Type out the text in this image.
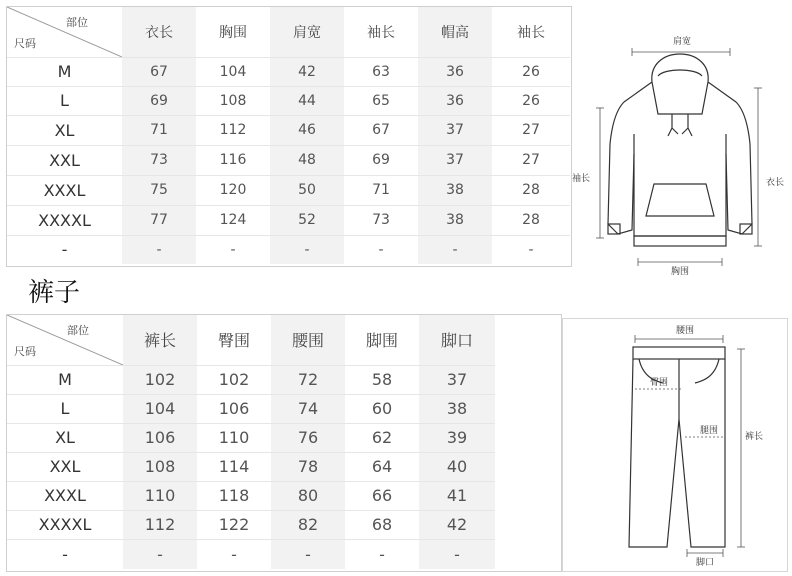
部位
尺码	衣长	胸围	肩宽	袖长	帽高	袖长
M	67	104	42	63	36	26
L	69	108	44	65	36	26
XL	71	112	46	67	37	27
XXL	73	116	48	69	37	27
XXXL	75	120	50	71	38	28
XXXXL	77	124	52	73	38	28
-	-	-	-	-	-	-
肩宽
袖长	衣长
胸围
裤子
部位
尺码	裤长	臀围	腰围	脚围	脚口
M	102	102	72	58	37
L	104	106	74	60	38
XL	106	110	76	62	39
XXL	108	114	78	64	40
XXXL	110	118	80	66	41
XXXXL	112	122	82	68	42
-	-	-	-	-	-
腰围
裤长
脚口
臀围
腿围
